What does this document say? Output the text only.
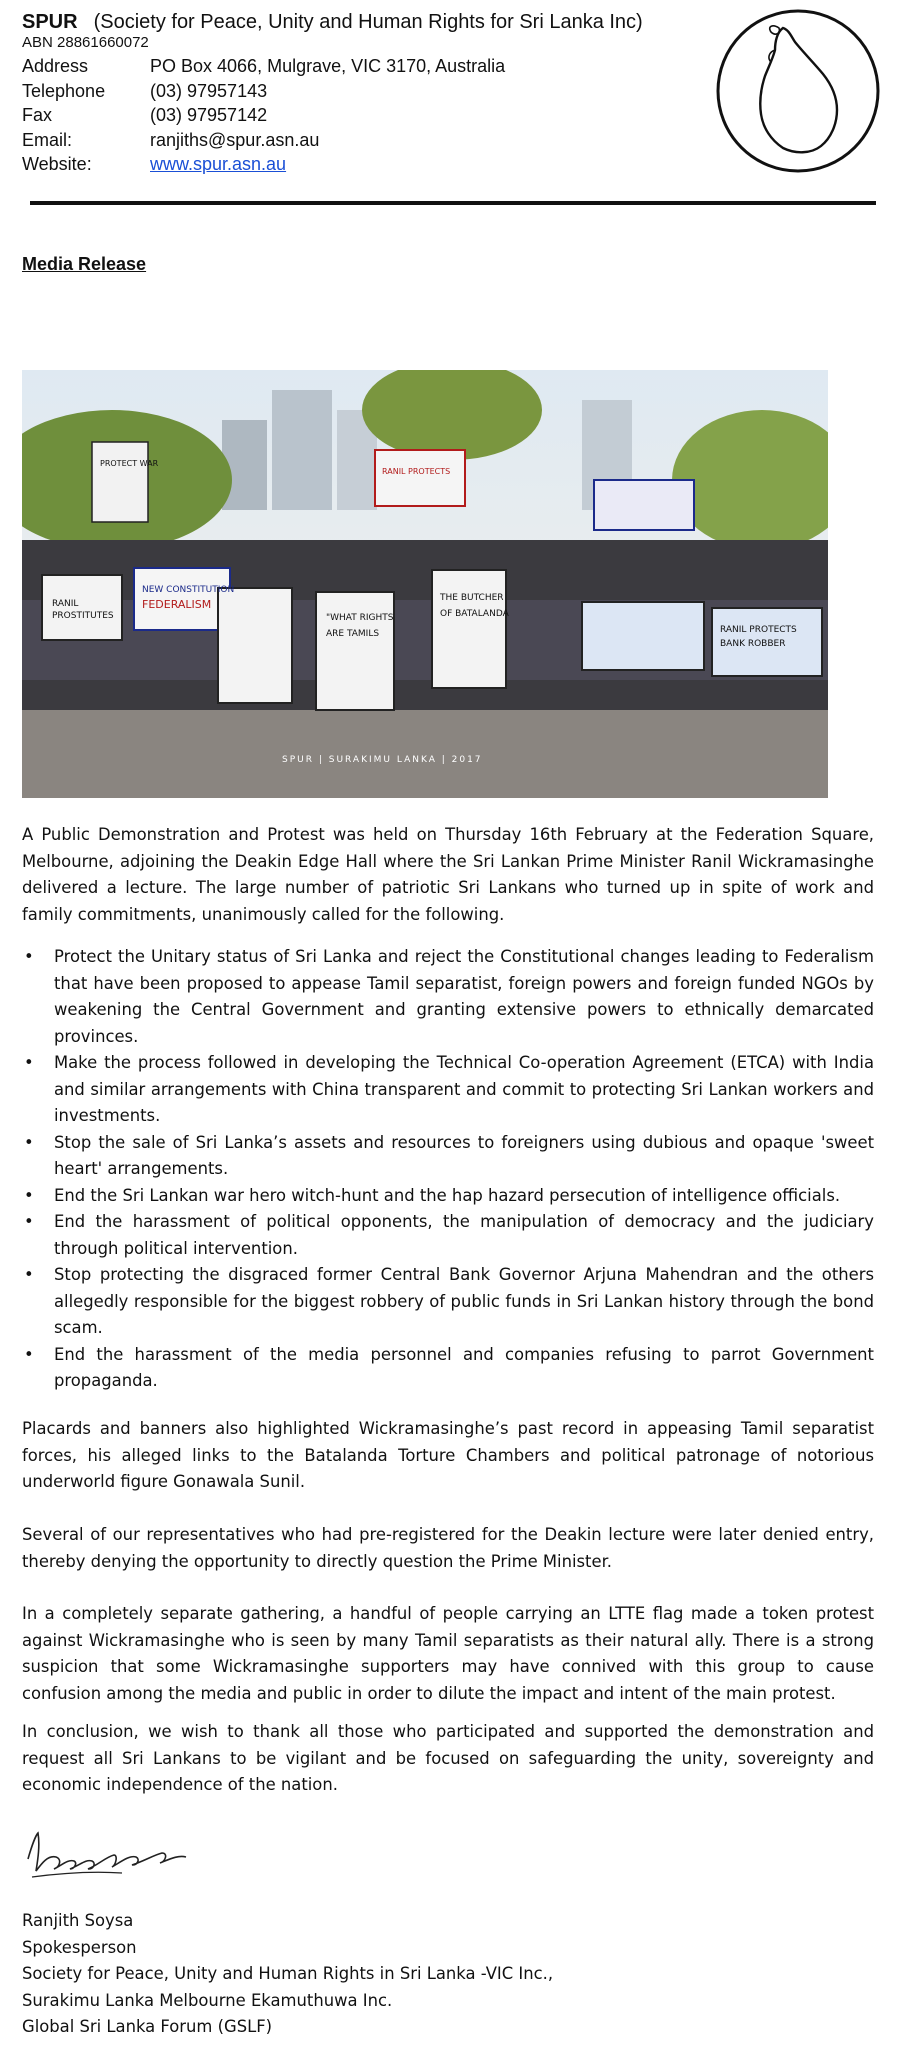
SPUR (Society for Peace, Unity and Human Rights for Sri Lanka Inc)
ABN 28861660072
Address	PO Box 4066, Mulgrave, VIC 3170, Australia
Telephone	(03) 97957143
Fax	(03) 97957142
Email:	ranjiths@spur.asn.au
Website:	www.spur.asn.au
Media Release
RANIL
PROSTITUTES
NEW CONSTITUTION
FEDERALISM
"WHAT RIGHTS
ARE TAMILS
THE BUTCHER
OF BATALANDA
RANIL PROTECTS
BANK ROBBER
RANIL PROTECTS
PROTECT WAR
SPUR | SURAKIMU LANKA | 2017
A Public Demonstration and Protest was held on Thursday 16th February at the Federation Square, Melbourne, adjoining the Deakin Edge Hall where the Sri Lankan Prime Minister Ranil Wickramasinghe delivered a lecture. The large number of patriotic Sri Lankans who turned up in spite of work and family commitments, unanimously called for the following.
• Protect the Unitary status of Sri Lanka and reject the Constitutional changes leading to Federalism that have been proposed to appease Tamil separatist, foreign powers and foreign funded NGOs by weakening the Central Government and granting extensive powers to ethnically demarcated provinces.
• Make the process followed in developing the Technical Co-operation Agreement (ETCA) with India and similar arrangements with China transparent and commit to protecting Sri Lankan workers and investments.
• Stop the sale of Sri Lanka’s assets and resources to foreigners using dubious and opaque 'sweet heart' arrangements.
• End the Sri Lankan war hero witch-hunt and the hap hazard persecution of intelligence officials.
• End the harassment of political opponents, the manipulation of democracy and the judiciary through political intervention.
• Stop protecting the disgraced former Central Bank Governor Arjuna Mahendran and the others allegedly responsible for the biggest robbery of public funds in Sri Lankan history through the bond scam.
• End the harassment of the media personnel and companies refusing to parrot Government propaganda.
Placards and banners also highlighted Wickramasinghe’s past record in appeasing Tamil separatist forces, his alleged links to the Bataland​a Torture Chambers and political patronage of notorious underworld figure Gonawala Sunil.
Several of our representatives who had pre-registered for the Deakin lecture were later denied entry, thereby denying the opportunity to directly question the Prime Minister.
In a completely separate gathering, a handful of people carrying an LTTE flag made a token protest against Wickramasinghe who is seen by many Tamil separatists as their natural ally. There is a strong suspicion that some Wickramasinghe supporters may have connived with this group to cause confusion among the media and public in order to dilute the impact and intent of the main protest.
In conclusion, we wish to thank all those who participated and supported the demonstration and request all Sri Lankans to be vigilant and be focused on safeguarding the unity, sovereignty and economic independence of the nation.
Ranjith Soysa
Spokesperson
Society for Peace, Unity and Human Rights in Sri Lanka -VIC Inc.,
Surakimu Lanka Melbourne Ekamuthuwa Inc.
Global Sri Lanka Forum (GSLF)
